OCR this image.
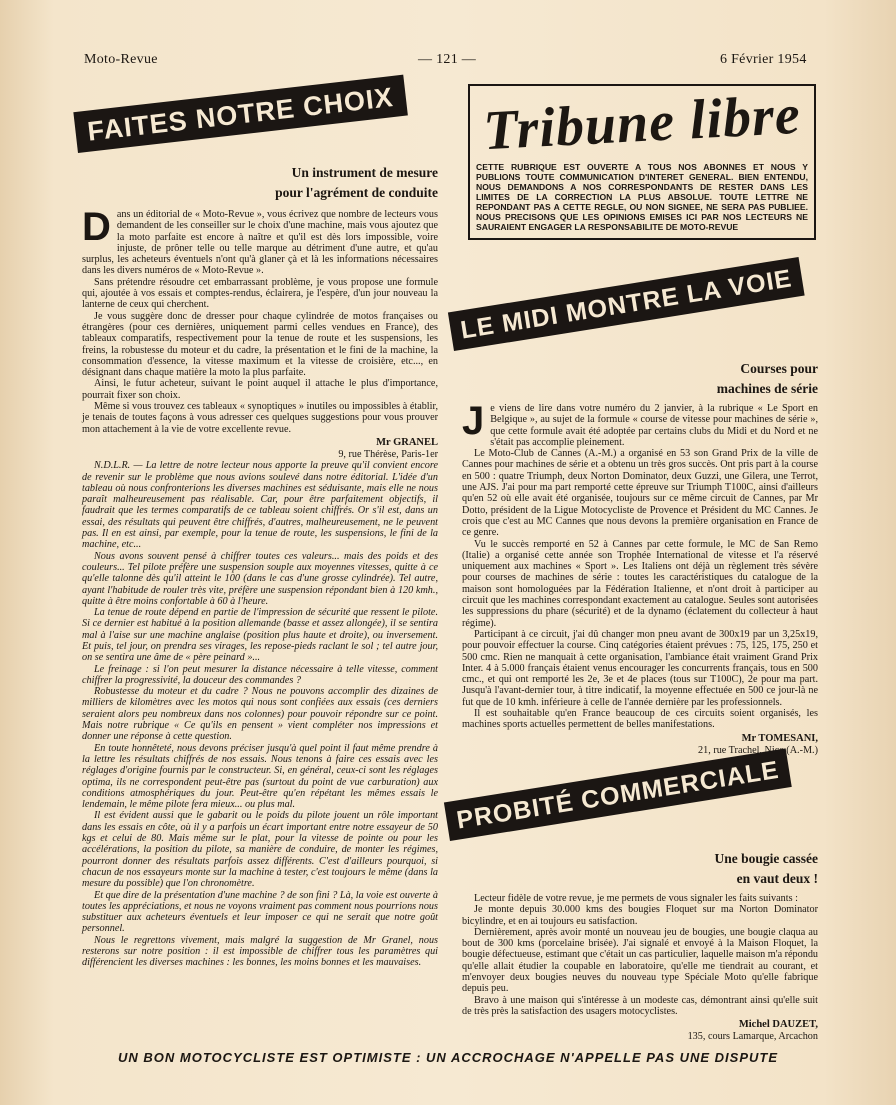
Moto-Revue	— 121 —	6 Février 1954
FAITES NOTRE CHOIX
Un instrument de mesure
pour l'agrément de conduite
D ans un éditorial de « Moto-Revue », vous écrivez que nombre de lecteurs vous demandent de les conseiller sur le choix d'une machine, mais vous ajoutez que la moto parfaite est encore à naître et qu'il est dès lors impossible, voire injuste, de prôner telle ou telle marque au détriment d'une autre, et qu'au surplus, les acheteurs éventuels n'ont qu'à glaner çà et là les informations nécessaires dans les divers numéros de « Moto-Revue ».

Sans prétendre résoudre cet embarrassant problème, je vous propose une formule qui, ajoutée à vos essais et comptes-rendus, éclairera, je l'espère, d'un jour nouveau la lanterne de ceux qui cherchent.

Je vous suggère donc de dresser pour chaque cylindrée de motos françaises ou étrangères (pour ces dernières, uniquement parmi celles vendues en France), des tableaux comparatifs, respectivement pour la tenue de route et les suspensions, les freins, la robustesse du moteur et du cadre, la présentation et le fini de la machine, la consommation d'essence, la vitesse maximum et la vitesse de croisière, etc..., en désignant dans chaque matière la moto la plus parfaite.

Ainsi, le futur acheteur, suivant le point auquel il attache le plus d'importance, pourrait fixer son choix.

Même si vous trouvez ces tableaux « synoptiques » inutiles ou impossibles à établir, je tenais de toutes façons à vous adresser ces quelques suggestions pour vous prouver mon attachement à la vie de votre excellente revue.

Mr GRANEL
9, rue Thérèse, Paris-1er

N.D.L.R. — La lettre de notre lecteur nous apporte la preuve qu'il convient encore de revenir sur le problème que nous avions soulevé dans notre éditorial. L'idée d'un tableau où nous confronterions les diverses machines est séduisante, mais elle ne nous paraît malheureusement pas réalisable. Car, pour être parfaitement objectifs, il faudrait que les termes comparatifs de ce tableau soient chiffrés. Or s'il est, dans un essai, des résultats qui peuvent être chiffrés, d'autres, malheureusement, ne le peuvent pas. Il en est ainsi, par exemple, pour la tenue de route, les suspensions, le fini de la machine, etc...

Nous avons souvent pensé à chiffrer toutes ces valeurs... mais des poids et des couleurs... Tel pilote préfère une suspension souple aux moyennes vitesses, quitte à ce qu'elle talonne dès qu'il atteint le 100 (dans le cas d'une grosse cylindrée). Tel autre, ayant l'habitude de rouler très vite, préfère une suspension répondant bien à 120 kmh., quitte à être moins confortable à 60 à l'heure.

La tenue de route dépend en partie de l'impression de sécurité que ressent le pilote. Si ce dernier est habitué à la position allemande (basse et assez allongée), il se sentira mal à l'aise sur une machine anglaise (position plus haute et droite), ou inversement. Et puis, tel jour, on prendra ses virages, les repose-pieds raclant le sol ; tel autre jour, on se sentira une âme de « père peinard »...

Le freinage : si l'on peut mesurer la distance nécessaire à telle vitesse, comment chiffrer la progressivité, la douceur des commandes ?

Robustesse du moteur et du cadre ? Nous ne pouvons accomplir des dizaines de milliers de kilomètres avec les motos qui nous sont confiées aux essais (ces derniers seraient alors peu nombreux dans nos colonnes) pour pouvoir répondre sur ce point. Mais notre rubrique « Ce qu'ils en pensent » vient compléter nos impressions et donner une réponse à cette question.

En toute honnêteté, nous devons préciser jusqu'à quel point il faut même prendre à la lettre les résultats chiffrés de nos essais. Nous tenons à faire ces essais avec les réglages d'origine fournis par le constructeur. Si, en général, ceux-ci sont les réglages optima, ils ne correspondent peut-être pas (surtout du point de vue carburation) aux conditions atmosphériques du jour. Peut-être qu'en répétant les mêmes essais le lendemain, le même pilote fera mieux... ou plus mal.

Il est évident aussi que le gabarit ou le poids du pilote jouent un rôle important dans les essais en côte, où il y a parfois un écart important entre notre essayeur de 50 kgs et celui de 80. Mais même sur le plat, pour la vitesse de pointe ou pour les accélérations, la position du pilote, sa manière de conduire, de monter les régimes, pourront donner des résultats parfois assez différents. C'est d'ailleurs pourquoi, si chacun de nos essayeurs monte sur la machine à tester, c'est toujours le même (dans la mesure du possible) que l'on chronomètre.

Et que dire de la présentation d'une machine ? de son fini ? Là, la voie est ouverte à toutes les appréciations, et nous ne voyons vraiment pas comment nous pourrions nous substituer aux acheteurs éventuels et leur imposer ce qui ne serait que notre goût personnel.

Nous le regrettons vivement, mais malgré la suggestion de Mr Granel, nous resterons sur notre position : il est impossible de chiffrer tous les paramètres qui différencient les diverses machines : les bonnes, les moins bonnes et les mauvaises.

Tribune libre
CETTE RUBRIQUE EST OUVERTE A TOUS NOS ABONNES ET NOUS Y PUBLIONS TOUTE COMMUNICATION D'INTERET GENERAL. BIEN ENTENDU, NOUS DEMANDONS A NOS CORRESPONDANTS DE RESTER DANS LES LIMITES DE LA CORRECTION LA PLUS ABSOLUE. TOUTE LETTRE NE REPONDANT PAS A CETTE REGLE, OU NON SIGNEE, NE SERA PAS PUBLIEE. NOUS PRECISONS QUE LES OPINIONS EMISES ICI PAR NOS LECTEURS NE SAURAIENT ENGAGER LA RESPONSABILITE DE MOTO-REVUE
LE MIDI MONTRE LA VOIE
Courses pour
machines de série
J e viens de lire dans votre numéro du 2 janvier, à la rubrique « Le Sport en Belgique », au sujet de la formule « course de vitesse pour machines de série », que cette formule avait été adoptée par certains clubs du Midi et du Nord et ne s'était pas accomplie pleinement.

Le Moto-Club de Cannes (A.-M.) a organisé en 53 son Grand Prix de la ville de Cannes pour machines de série et a obtenu un très gros succès. Ont pris part à la course en 500 : quatre Triumph, deux Norton Dominator, deux Guzzi, une Gilera, une Terrot, une AJS. J'ai pour ma part remporté cette épreuve sur Triumph T100C, ainsi d'ailleurs qu'en 52 où elle avait été organisée, toujours sur ce même circuit de Cannes, par Mr Dotto, président de la Ligue Motocycliste de Provence et Président du MC Cannes. Je crois que c'est au MC Cannes que nous devons la première organisation en France de ce genre.

Vu le succès remporté en 52 à Cannes par cette formule, le MC de San Remo (Italie) a organisé cette année son Trophée International de vitesse et l'a réservé uniquement aux machines « Sport ». Les Italiens ont déjà un règlement très sévère pour courses de machines de série : toutes les caractéristiques du catalogue de la maison sont homologuées par la Fédération Italienne, et n'ont droit à participer au circuit que les machines correspondant exactement au catalogue. Seules sont autorisées les suppressions du phare (sécurité) et de la dynamo (éclatement du collecteur à haut régime).

Participant à ce circuit, j'ai dû changer mon pneu avant de 300x19 par un 3,25x19, pour pouvoir effectuer la course. Cinq catégories étaient prévues : 75, 125, 175, 250 et 500 cmc. Rien ne manquait à cette organisation, l'ambiance était vraiment Grand Prix Inter. 4 à 5.000 français étaient venus encourager les concurrents français, tous en 500 cmc., et qui ont remporté les 2e, 3e et 4e places (tous sur T100C), 2e pour ma part. Jusqu'à l'avant-dernier tour, à titre indicatif, la moyenne effectuée en 500 ce jour-là ne fut que de 10 kmh. inférieure à celle de l'année dernière par les professionnels.

Il est souhaitable qu'en France beaucoup de ces circuits soient organisés, les machines sports actuelles permettent de belles manifestations.

Mr TOMESANI,
21, rue Trachel, Nice (A.-M.)
PROBITÉ COMMERCIALE
Une bougie cassée
en vaut deux !

Lecteur fidèle de votre revue, je me permets de vous signaler les faits suivants :

Je monte depuis 30.000 kms des bougies Floquet sur ma Norton Dominator bicylindre, et en ai toujours eu satisfaction.

Dernièrement, après avoir monté un nouveau jeu de bougies, une bougie claqua au bout de 300 kms (porcelaine brisée). J'ai signalé et envoyé à la Maison Floquet, la bougie défectueuse, estimant que c'était un cas particulier, laquelle maison m'a répondu qu'elle allait étudier la coupable en laboratoire, qu'elle me tiendrait au courant, et m'envoyer deux bougies neuves du nouveau type Spéciale Moto qu'elle fabrique depuis peu.

Bravo à une maison qui s'intéresse à un modeste cas, démontrant ainsi qu'elle suit de très près la satisfaction des usagers motocyclistes.

Michel DAUZET,
135, cours Lamarque, Arcachon
UN BON MOTOCYCLISTE EST OPTIMISTE : UN ACCROCHAGE N'APPELLE PAS UNE DISPUTE
